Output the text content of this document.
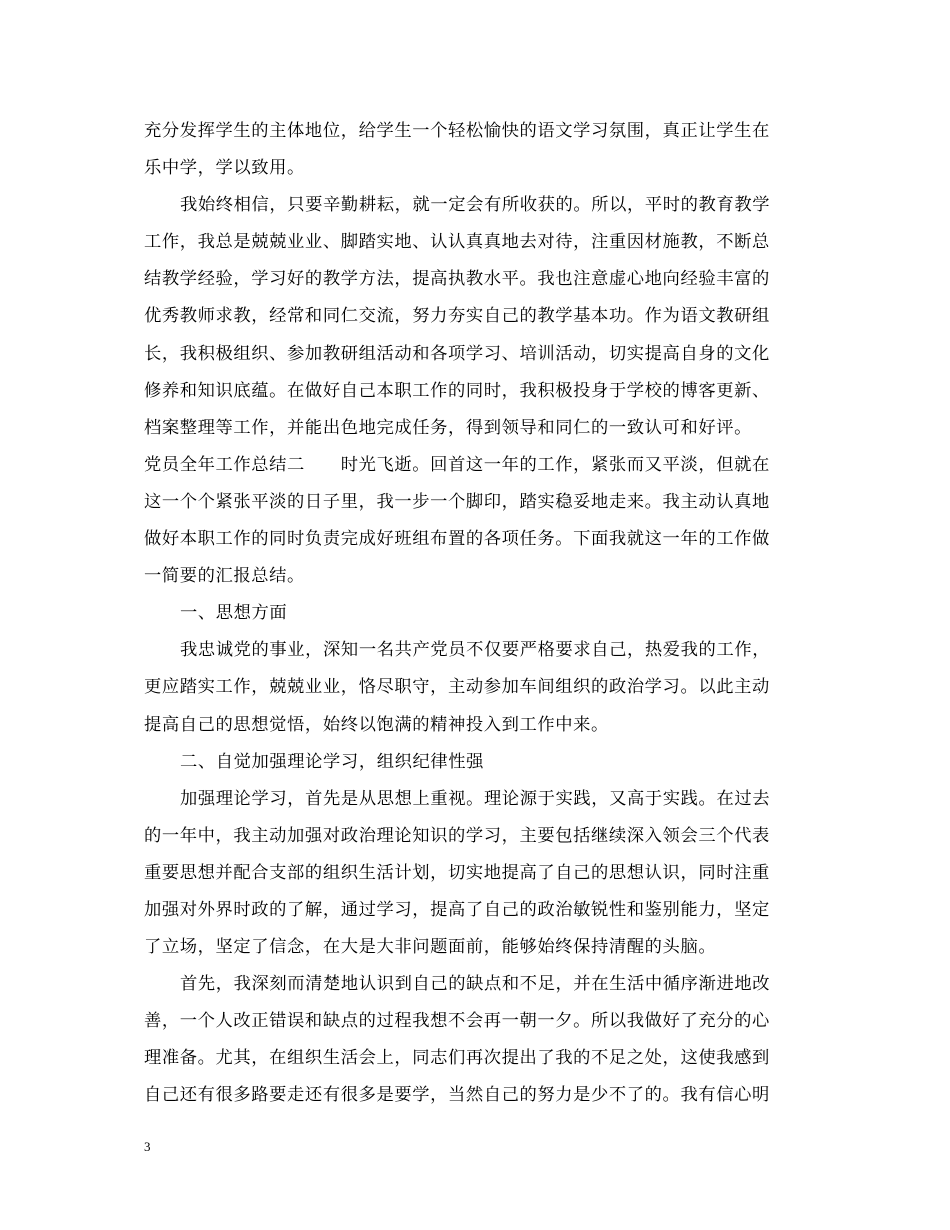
充分发挥学生的主体地位，给学生一个轻松愉快的语文学习氛围，真正让学生在
乐中学，学以致用。
我始终相信，只要辛勤耕耘，就一定会有所收获的。所以，平时的教育教学
工作，我总是兢兢业业、脚踏实地、认认真真地去对待，注重因材施教，不断总
结教学经验，学习好的教学方法，提高执教水平。我也注意虚心地向经验丰富的
优秀教师求教，经常和同仁交流，努力夯实自己的教学基本功。作为语文教研组
长，我积极组织、参加教研组活动和各项学习、培训活动，切实提高自身的文化
修养和知识底蕴。在做好自己本职工作的同时，我积极投身于学校的博客更新、
档案整理等工作，并能出色地完成任务，得到领导和同仁的一致认可和好评。
党员全年工作总结二　　时光飞逝。回首这一年的工作，紧张而又平淡，但就在
这一个个紧张平淡的日子里，我一步一个脚印，踏实稳妥地走来。我主动认真地
做好本职工作的同时负责完成好班组布置的各项任务。下面我就这一年的工作做
一简要的汇报总结。
一、思想方面
我忠诚党的事业，深知一名共产党员不仅要严格要求自己，热爱我的工作，
更应踏实工作，兢兢业业，恪尽职守，主动参加车间组织的政治学习。以此主动
提高自己的思想觉悟，始终以饱满的精神投入到工作中来。
二、自觉加强理论学习，组织纪律性强
加强理论学习，首先是从思想上重视。理论源于实践，又高于实践。在过去
的一年中，我主动加强对政治理论知识的学习，主要包括继续深入领会三个代表
重要思想并配合支部的组织生活计划，切实地提高了自己的思想认识，同时注重
加强对外界时政的了解，通过学习，提高了自己的政治敏锐性和鉴别能力，坚定
了立场，坚定了信念，在大是大非问题面前，能够始终保持清醒的头脑。
首先，我深刻而清楚地认识到自己的缺点和不足，并在生活中循序渐进地改
善，一个人改正错误和缺点的过程我想不会再一朝一夕。所以我做好了充分的心
理准备。尤其，在组织生活会上，同志们再次提出了我的不足之处，这使我感到
自己还有很多路要走还有很多是要学，当然自己的努力是少不了的。我有信心明
3
